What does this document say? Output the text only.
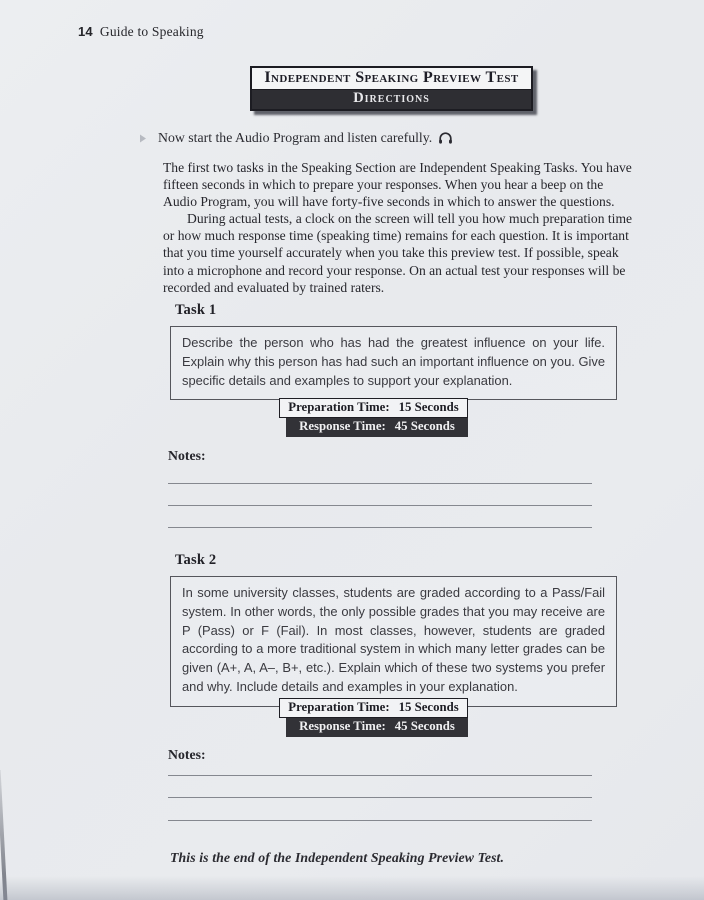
14 Guide to Speaking
Independent Speaking Preview Test
Directions
Now start the Audio Program and listen carefully.

The first two tasks in the Speaking Section are Independent Speaking Tasks. You have fifteen seconds in which to prepare your responses. When you hear a beep on the Audio Program, you will have forty-five seconds in which to answer the questions.

During actual tests, a clock on the screen will tell you how much preparation time or how much response time (speaking time) remains for each question. It is important that you time yourself accurately when you take this preview test. If possible, speak into a microphone and record your response. On an actual test your responses will be recorded and evaluated by trained raters.

Task 1

Describe the person who has had the greatest influence on your life. Explain why this person has had such an important influence on you. Give specific details and examples to support your explanation.

Preparation Time: 15 Seconds
Response Time: 45 Seconds
Notes:
Task 2

In some university classes, students are graded according to a Pass/Fail system. In other words, the only possible grades that you may receive are P (Pass) or F (Fail). In most classes, however, students are graded according to a more traditional system in which many letter grades can be given (A+, A, A–, B+, etc.). Explain which of these two systems you prefer and why. Include details and examples in your explanation.

Preparation Time: 15 Seconds
Response Time: 45 Seconds
Notes:
This is the end of the Independent Speaking Preview Test.
